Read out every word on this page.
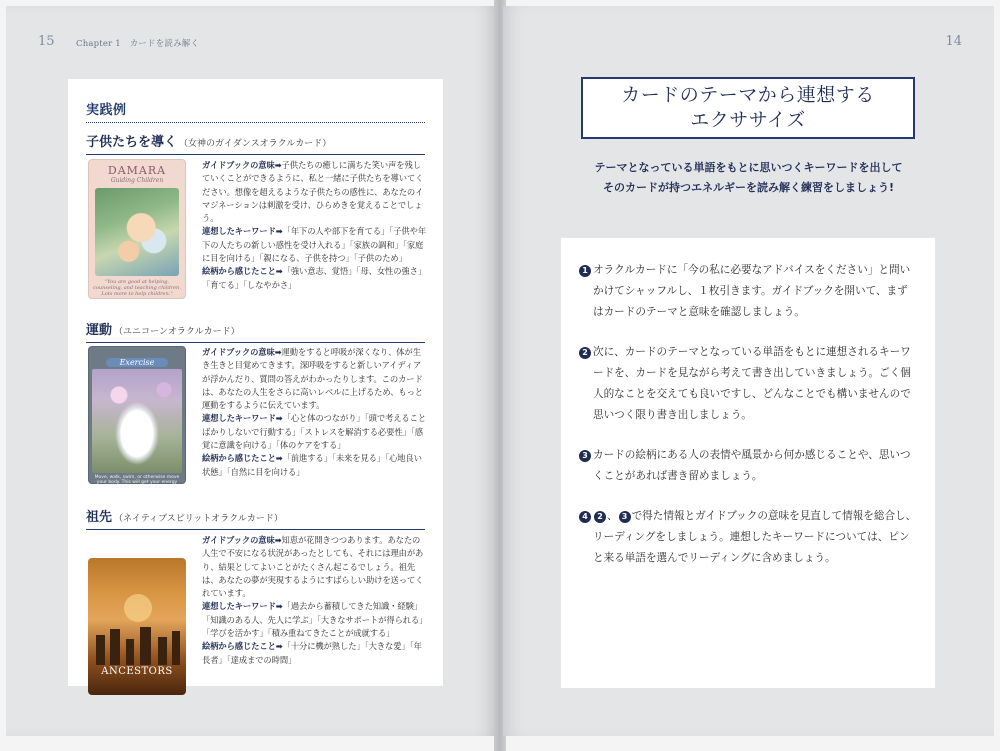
15	Chapter 1　カードを読み解く
実践例
子供たちを導く （女神のガイダンスオラクルカード）
DAMARA
Guiding Children
"You are good at helping, counseling, and teaching children. Lots more to help children."

ガイドブックの意味➡子供たちの癒しに満ちた笑い声を残していくことができるように、私と一緒に子供たちを導いてください。想像を超えるような子供たちの感性に、あなたのイマジネーションは刺激を受け、ひらめきを覚えることでしょう。

連想したキーワード➡「年下の人や部下を育てる」「子供や年下の人たちの新しい感性を受け入れる」「家族の調和」「家庭に目を向ける」「親になる、子供を持つ」「子供のため」

絵柄から感じたこと➡「強い意志、覚悟」「母、女性の強さ」「育てる」「しなやかさ」

運動 （ユニコーンオラクルカード）
Exercise
Move, walk, swim, or otherwise move your body. This will get your energy moving and clear you

ガイドブックの意味➡運動をすると呼吸が深くなり、体が生き生きと目覚めてきます。深呼吸をすると新しいアイディアが浮かんだり、質問の答えがわかったりします。このカードは、あなたの人生をさらに高いレベルに上げるため、もっと運動をするように伝えています。

連想したキーワード➡「心と体のつながり」「頭で考えることばかりしないで行動する」「ストレスを解消する必要性」「感覚に意識を向ける」「体のケアをする」

絵柄から感じたこと➡「前進する」「未来を見る」「心地良い状態」「自然に目を向ける」

祖先 （ネイティブスピリットオラクルカード）
ANCESTORS

ガイドブックの意味➡知恵が花開きつつあります。あなたの人生で不安になる状況があったとしても、それには理由があり、結果としてよいことがたくさん起こるでしょう。祖先は、あなたの夢が実現するようにすばらしい助けを送ってくれています。

連想したキーワード➡「過去から蓄積してきた知識・経験」「知識のある人、先人に学ぶ」「大きなサポートが得られる」「学びを活かす」「積み重ねてきたことが成就する」

絵柄から感じたこと➡「十分に機が熟した」「大きな愛」「年長者」「達成までの時間」

14
カードのテーマから連想する
エクササイズ
テーマとなっている単語をもとに思いつくキーワードを出して
そのカードが持つエネルギーを読み解く練習をしましょう!

1 オラクルカードに「今の私に必要なアドバイスをください」と問いかけてシャッフルし、１枚引きます。ガイドブックを開いて、まずはカードのテーマと意味を確認しましょう。

2 次に、カードのテーマとなっている単語をもとに連想されるキーワードを、カードを見ながら考えて書き出していきましょう。ごく個人的なことを交えても良いですし、どんなことでも構いませんので思いつく限り書き出しましょう。

3 カードの絵柄にある人の表情や風景から何か感じることや、思いつくことがあれば書き留めましょう。

4 2 、 3 で得た情報とガイドブックの意味を見直して情報を総合し、リーディングをしましょう。連想したキーワードについては、ピンと来る単語を選んでリーディングに含めましょう。
